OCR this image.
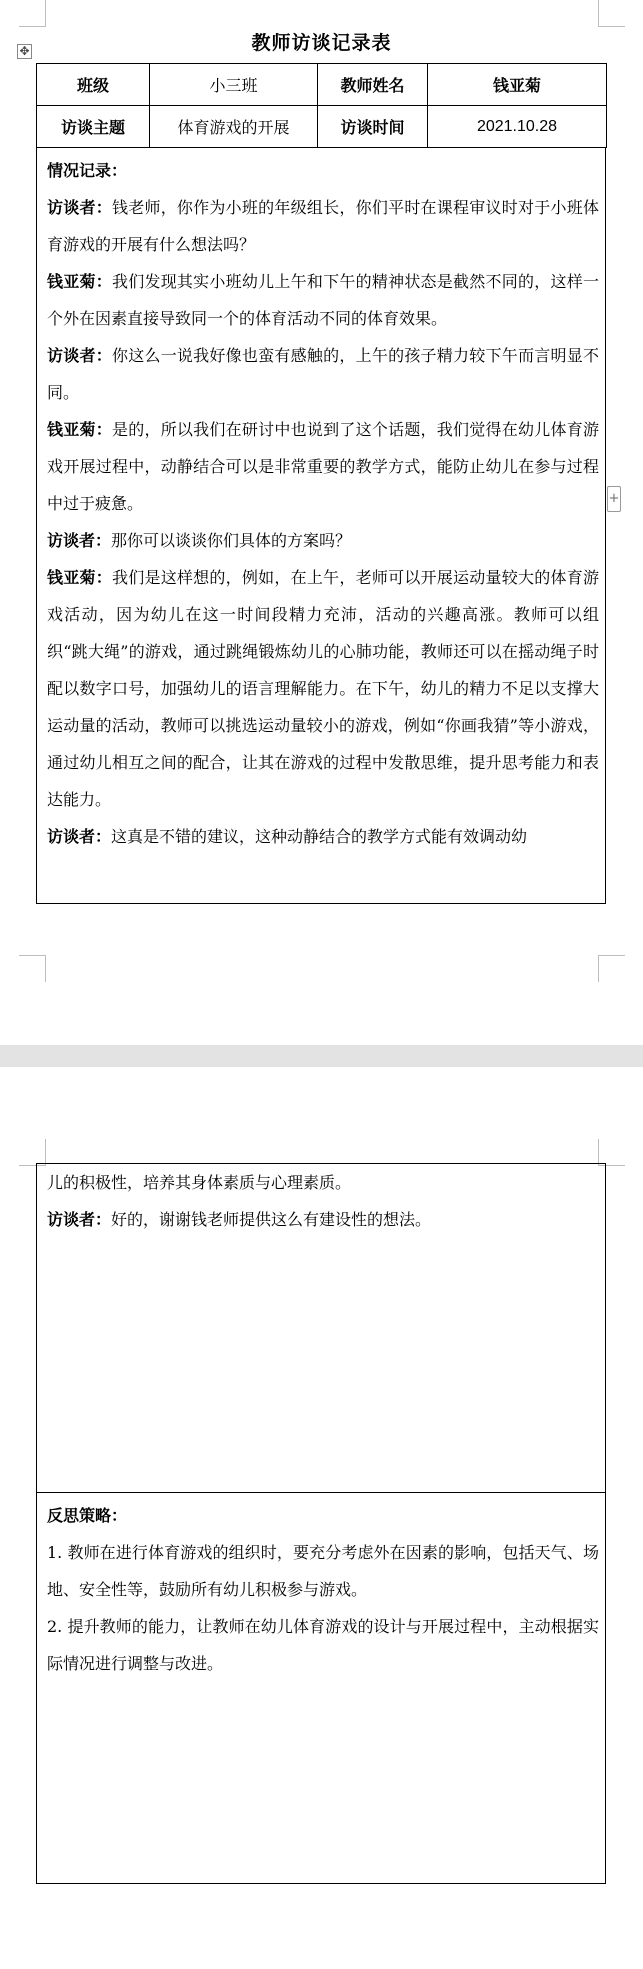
教师访谈记录表
✥
+
班级	小三班	教师姓名	钱亚菊
访谈主题	体育游戏的开展	访谈时间	2021.10.28

情况记录：

访谈者：钱老师，你作为小班的年级组长，你们平时在课程审议时对于小班体育游戏的开展有什么想法吗？

钱亚菊：我们发现其实小班幼儿上午和下午的精神状态是截然不同的，这样一个外在因素直接导致同一个的体育活动不同的体育效果。

访谈者：你这么一说我好像也蛮有感触的，上午的孩子精力较下午而言明显不同。

钱亚菊：是的，所以我们在研讨中也说到了这个话题，我们觉得在幼儿体育游戏开展过程中，动静结合可以是非常重要的教学方式，能防止幼儿在参与过程中过于疲惫。

访谈者：那你可以谈谈你们具体的方案吗？

钱亚菊：我们是这样想的，例如，在上午，老师可以开展运动量较大的体育游戏活动，因为幼儿在这一时间段精力充沛，活动的兴趣高涨。教师可以组织“跳大绳”的游戏，通过跳绳锻炼幼儿的心肺功能，教师还可以在摇动绳子时配以数字口号，加强幼儿的语言理解能力。在下午，幼儿的精力不足以支撑大运动量的活动，教师可以挑选运动量较小的游戏，例如“你画我猜”等小游戏，通过幼儿相互之间的配合，让其在游戏的过程中发散思维，提升思考能力和表达能力。

访谈者：这真是不错的建议，这种动静结合的教学方式能有效调动幼

儿的积极性，培养其身体素质与心理素质。

访谈者：好的，谢谢钱老师提供这么有建设性的想法。

反思策略：

1. 教师在进行体育游戏的组织时，要充分考虑外在因素的影响，包括天气、场地、安全性等，鼓励所有幼儿积极参与游戏。

2. 提升教师的能力，让教师在幼儿体育游戏的设计与开展过程中，主动根据实际情况进行调整与改进。
